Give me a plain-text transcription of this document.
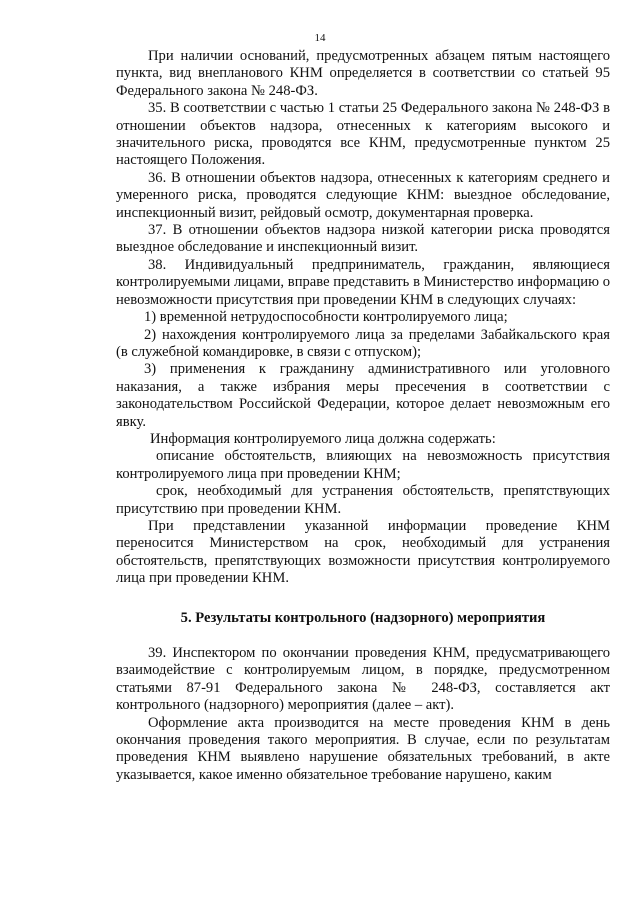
14

При наличии оснований, предусмотренных абзацем пятым настоящего пункта, вид внепланового КНМ определяется в соответствии со статьей 95 Федерального закона № 248-ФЗ.

35. В соответствии с частью 1 статьи 25 Федерального закона № 248-ФЗ в отношении объектов надзора, отнесенных к категориям высокого и значительного риска, проводятся все КНМ, предусмотренные пунктом 25 настоящего Положения.

36. В отношении объектов надзора, отнесенных к категориям среднего и умеренного риска, проводятся следующие КНМ: выездное обследование, инспекционный визит, рейдовый осмотр, документарная проверка.

37. В отношении объектов надзора низкой категории риска проводятся выездное обследование и инспекционный визит.

38. Индивидуальный предприниматель, гражданин, являющиеся контролируемыми лицами, вправе представить в Министерство информацию о невозможности присутствия при проведении КНМ в следующих случаях:

1) временной нетрудоспособности контролируемого лица;

2) нахождения контролируемого лица за пределами Забайкальского края (в служебной командировке, в связи с отпуском);

3) применения к гражданину административного или уголовного наказания, а также избрания меры пресечения в соответствии с законодательством Российской Федерации, которое делает невозможным его явку.

Информация контролируемого лица должна содержать:

описание обстоятельств, влияющих на невозможность присутствия контролируемого лица при проведении КНМ;

срок, необходимый для устранения обстоятельств, препятствующих присутствию при проведении КНМ.

При представлении указанной информации проведение КНМ переносится Министерством на срок, необходимый для устранения обстоятельств, препятствующих возможности присутствия контролируемого лица при проведении КНМ.

5. Результаты контрольного (надзорного) мероприятия

39. Инспектором по окончании проведения КНМ, предусматривающего взаимодействие с контролируемым лицом, в порядке, предусмотренном статьями 87-91 Федерального закона № 248-ФЗ, составляется акт контрольного (надзорного) мероприятия (далее – акт).

Оформление акта производится на месте проведения КНМ в день окончания проведения такого мероприятия. В случае, если по результатам проведения КНМ выявлено нарушение обязательных требований, в акте указывается, какое именно обязательное требование нарушено, каким
